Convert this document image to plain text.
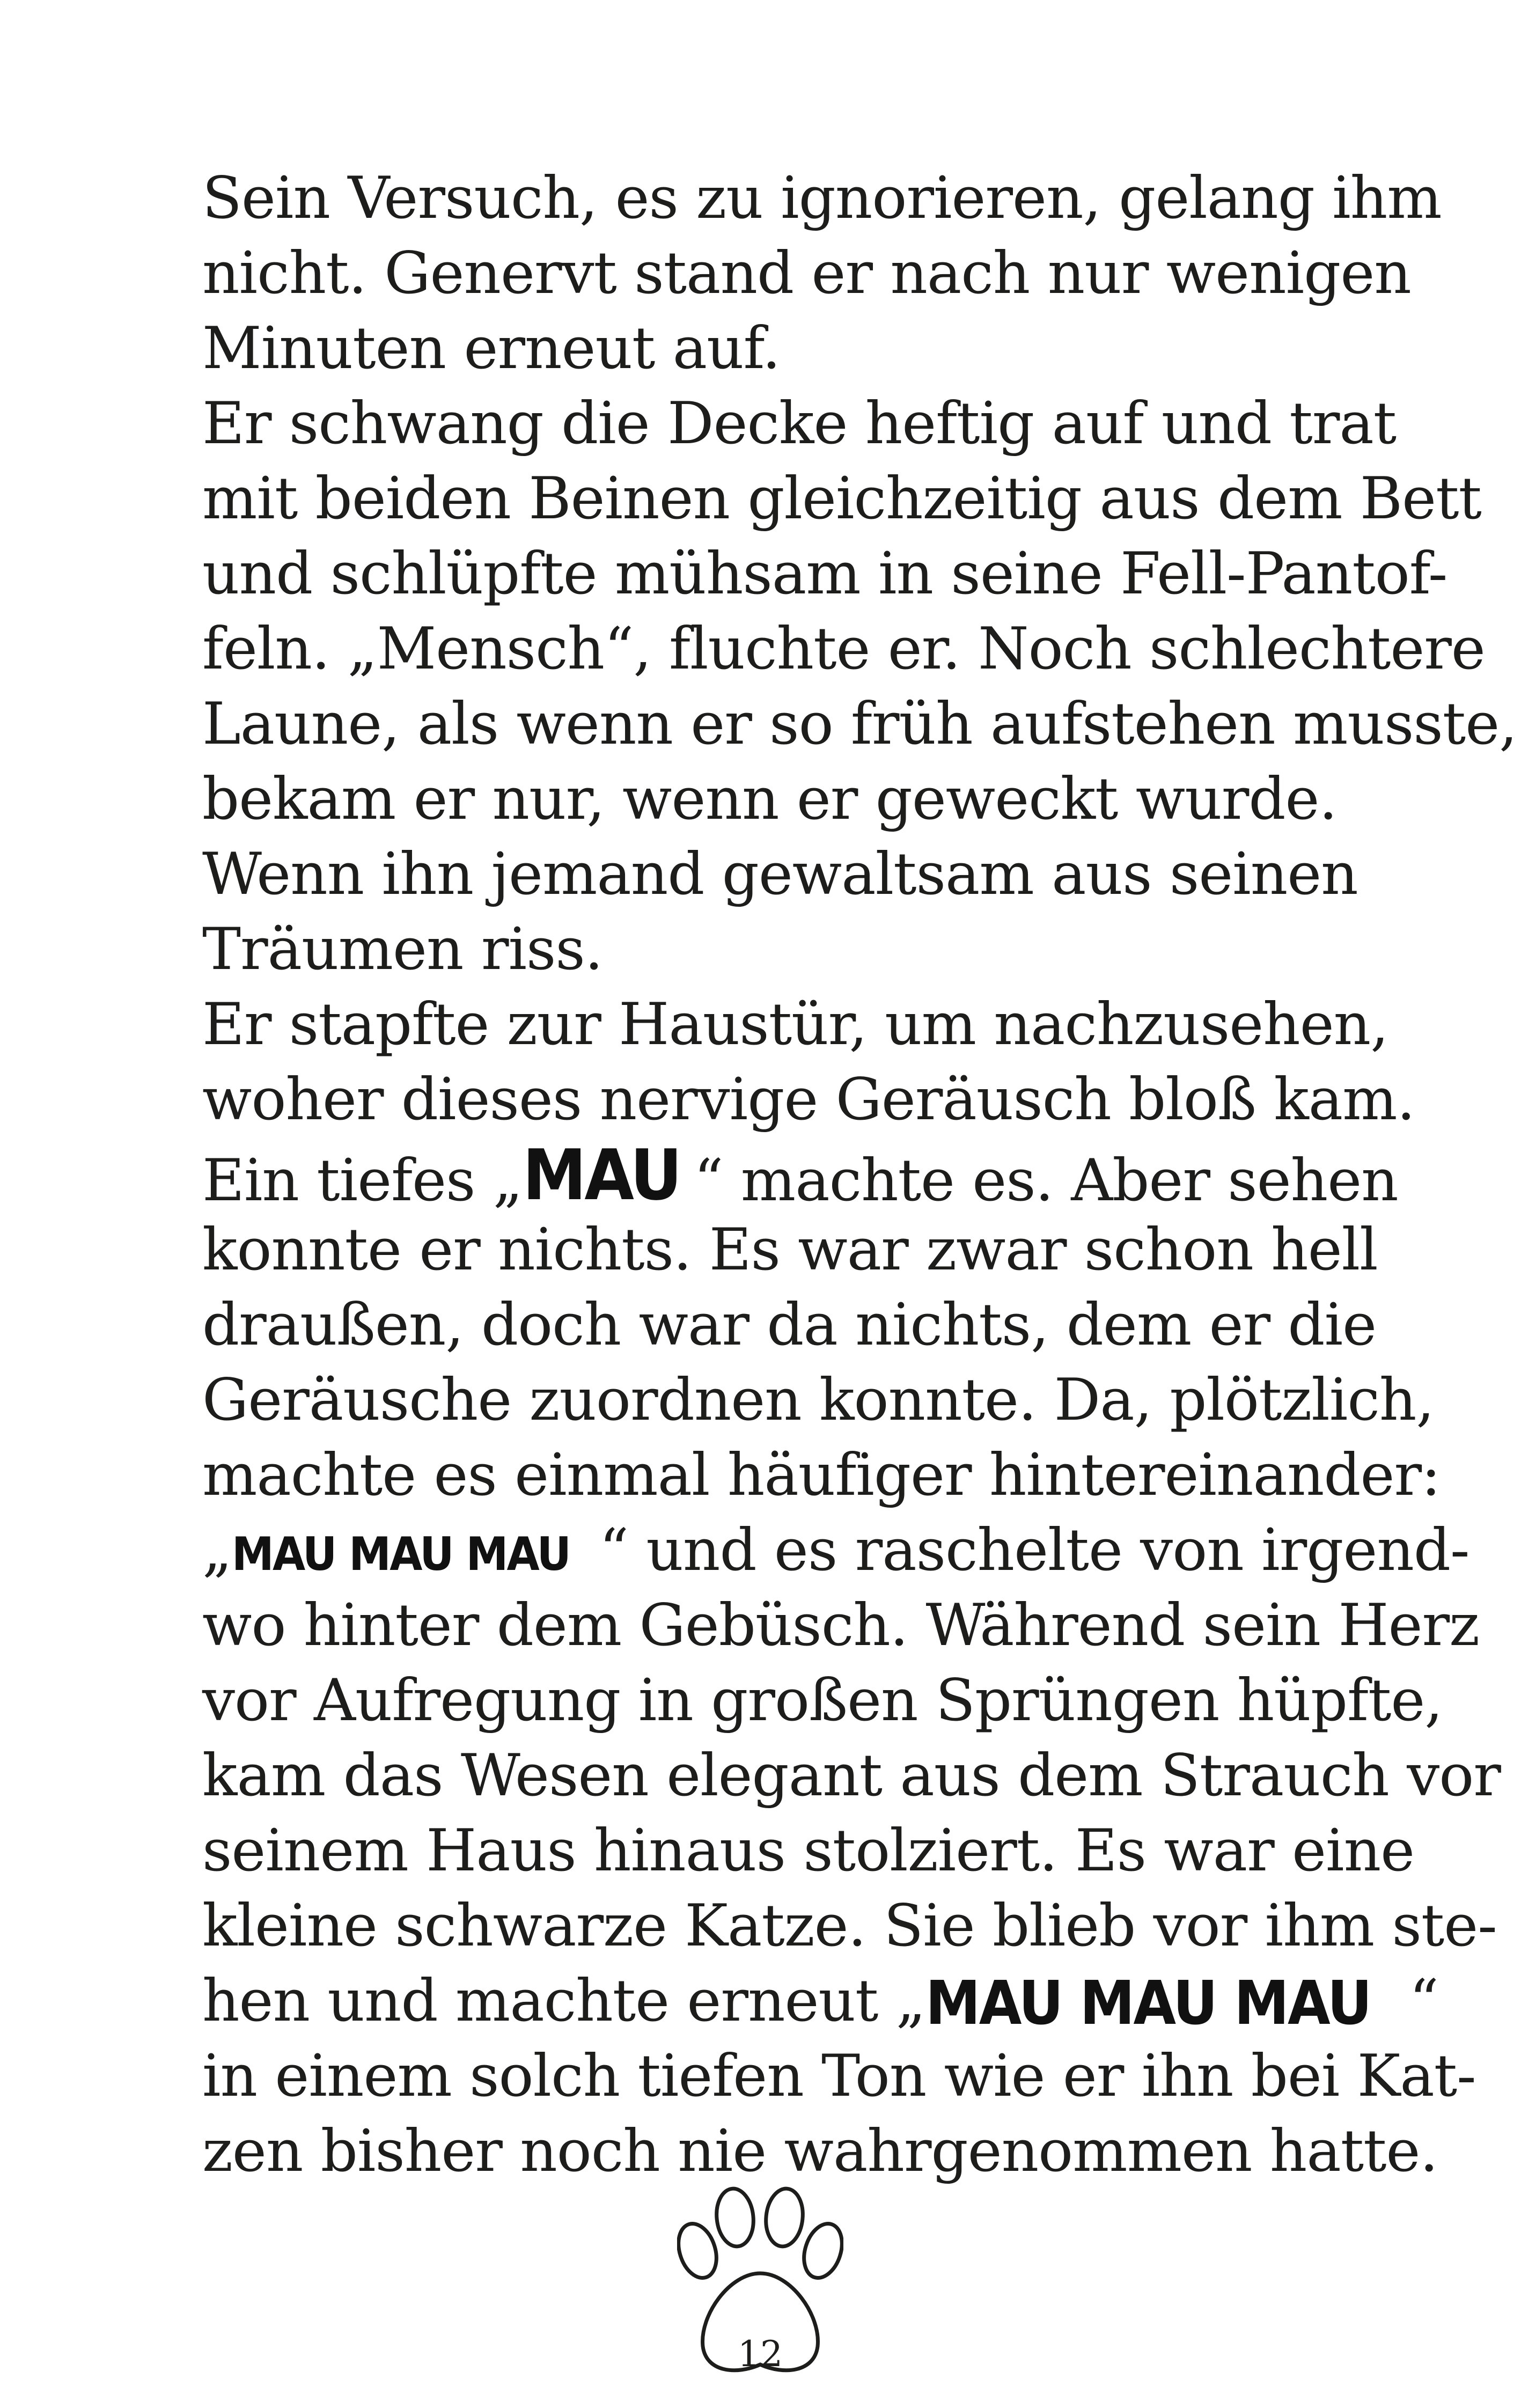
Sein Versuch, es zu ignorieren, gelang ihm
nicht. Genervt stand er nach nur wenigen
Minuten erneut auf.
Er schwang die Decke heftig auf und trat
mit beiden Beinen gleichzeitig aus dem Bett
und schlüpfte mühsam in seine Fell-Pantof-
feln. „Mensch“, fluchte er. Noch schlechtere
Laune, als wenn er so früh aufstehen musste,
bekam er nur, wenn er geweckt wurde.
Wenn ihn jemand gewaltsam aus seinen
Träumen riss.
Er stapfte zur Haustür, um nachzusehen,
woher dieses nervige Geräusch bloß kam.
Ein tiefes „MAU “ machte es. Aber sehen
konnte er nichts. Es war zwar schon hell
draußen, doch war da nichts, dem er die
Geräusche zuordnen konnte. Da, plötzlich,
machte es einmal häufiger hintereinander:
„MAU MAU MAU “ und es raschelte von irgend-
wo hinter dem Gebüsch. Während sein Herz
vor Aufregung in großen Sprüngen hüpfte,
kam das Wesen elegant aus dem Strauch vor
seinem Haus hinaus stolziert. Es war eine
kleine schwarze Katze. Sie blieb vor ihm ste-
hen und machte erneut „MAU MAU MAU “
in einem solch tiefen Ton wie er ihn bei Kat-
zen bisher noch nie wahrgenommen hatte.
12
